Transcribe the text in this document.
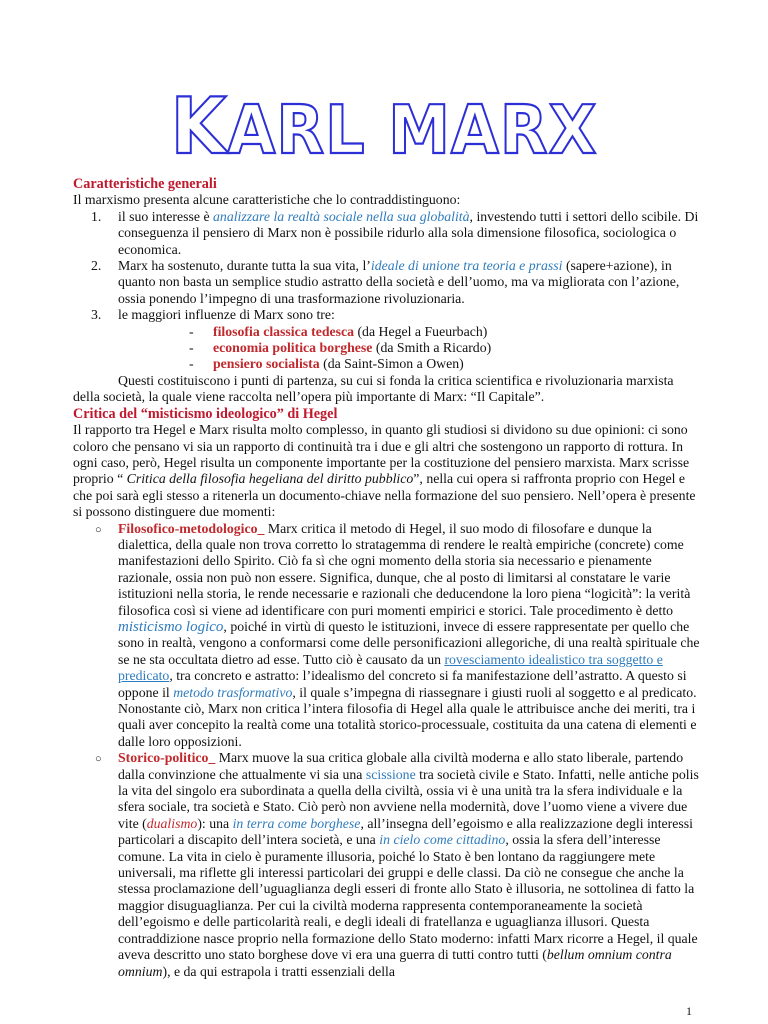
KARL MARX

Caratteristiche generali

Il marxismo presenta alcune caratteristiche che lo contraddistinguono:

1. il suo interesse è analizzare la realtà sociale nella sua globalità, investendo tutti i settori dello scibile. Di conseguenza il pensiero di Marx non è possibile ridurlo alla sola dimensione filosofica, sociologica o economica.
2. Marx ha sostenuto, durante tutta la sua vita, l’ideale di unione tra teoria e prassi (sapere+azione), in quanto non basta un semplice studio astratto della società e dell’uomo, ma va migliorata con l’azione, ossia ponendo l’impegno di una trasformazione rivoluzionaria.
3. le maggiori influenze di Marx sono tre:

- filosofia classica tedesca (da Hegel a Fueurbach)

- economia politica borghese (da Smith a Ricardo)

- pensiero socialista (da Saint-Simon a Owen)

Questi costituiscono i punti di partenza, su cui si fonda la critica scientifica e rivoluzionaria marxista della società, la quale viene raccolta nell’opera più importante di Marx: “Il Capitale”.

Critica del “misticismo ideologico” di Hegel

Il rapporto tra Hegel e Marx risulta molto complesso, in quanto gli studiosi si dividono su due opinioni: ci sono coloro che pensano vi sia un rapporto di continuità tra i due e gli altri che sostengono un rapporto di rottura. In ogni caso, però, Hegel risulta un componente importante per la costituzione del pensiero marxista. Marx scrisse proprio “ Critica della filosofia hegeliana del diritto pubblico”, nella cui opera si raffronta proprio con Hegel e che poi sarà egli stesso a ritenerla un documento-chiave nella formazione del suo pensiero. Nell’opera è presente si possono distinguere due momenti:

○ Filosofico-metodologico_ Marx critica il metodo di Hegel, il suo modo di filosofare e dunque la dialettica, della quale non trova corretto lo stratagemma di rendere le realtà empiriche (concrete) come manifestazioni dello Spirito. Ciò fa sì che ogni momento della storia sia necessario e pienamente razionale, ossia non può non essere. Significa, dunque, che al posto di limitarsi al constatare le varie istituzioni nella storia, le rende necessarie e razionali che deducendone la loro piena “logicità”: la verità filosofica così si viene ad identificare con puri momenti empirici e storici. Tale procedimento è detto misticismo logico, poiché in virtù di questo le istituzioni, invece di essere rappresentate per quello che sono in realtà, vengono a conformarsi come delle personificazioni allegoriche, di una realtà spirituale che se ne sta occultata dietro ad esse. Tutto ciò è causato da un rovesciamento idealistico tra soggetto e predicato, tra concreto e astratto: l’idealismo del concreto si fa manifestazione dell’astratto. A questo si oppone il metodo trasformativo, il quale s’impegna di riassegnare i giusti ruoli al soggetto e al predicato. Nonostante ciò, Marx non critica l’intera filosofia di Hegel alla quale le attribuisce anche dei meriti, tra i quali aver concepito la realtà come una totalità storico-processuale, costituita da una catena di elementi e dalle loro opposizioni.

○ Storico-politico_ Marx muove la sua critica globale alla civiltà moderna e allo stato liberale, partendo dalla convinzione che attualmente vi sia una scissione tra società civile e Stato. Infatti, nelle antiche polis la vita del singolo era subordinata a quella della civiltà, ossia vi è una unità tra la sfera individuale e la sfera sociale, tra società e Stato. Ciò però non avviene nella modernità, dove l’uomo viene a vivere due vite (dualismo): una in terra come borghese, all’insegna dell’egoismo e alla realizzazione degli interessi particolari a discapito dell’intera società, e una in cielo come cittadino, ossia la sfera dell’interesse comune. La vita in cielo è puramente illusoria, poiché lo Stato è ben lontano da raggiungere mete universali, ma riflette gli interessi particolari dei gruppi e delle classi. Da ciò ne consegue che anche la stessa proclamazione dell’uguaglianza degli esseri di fronte allo Stato è illusoria, ne sottolinea di fatto la maggior disuguaglianza. Per cui la civiltà moderna rappresenta contemporaneamente la società dell’egoismo e delle particolarità reali, e degli ideali di fratellanza e uguaglianza illusori. Questa contraddizione nasce proprio nella formazione dello Stato moderno: infatti Marx ricorre a Hegel, il quale aveva descritto uno stato borghese dove vi era una guerra di tutti contro tutti (bellum omnium contra omnium), e da qui estrapola i tratti essenziali della

1
